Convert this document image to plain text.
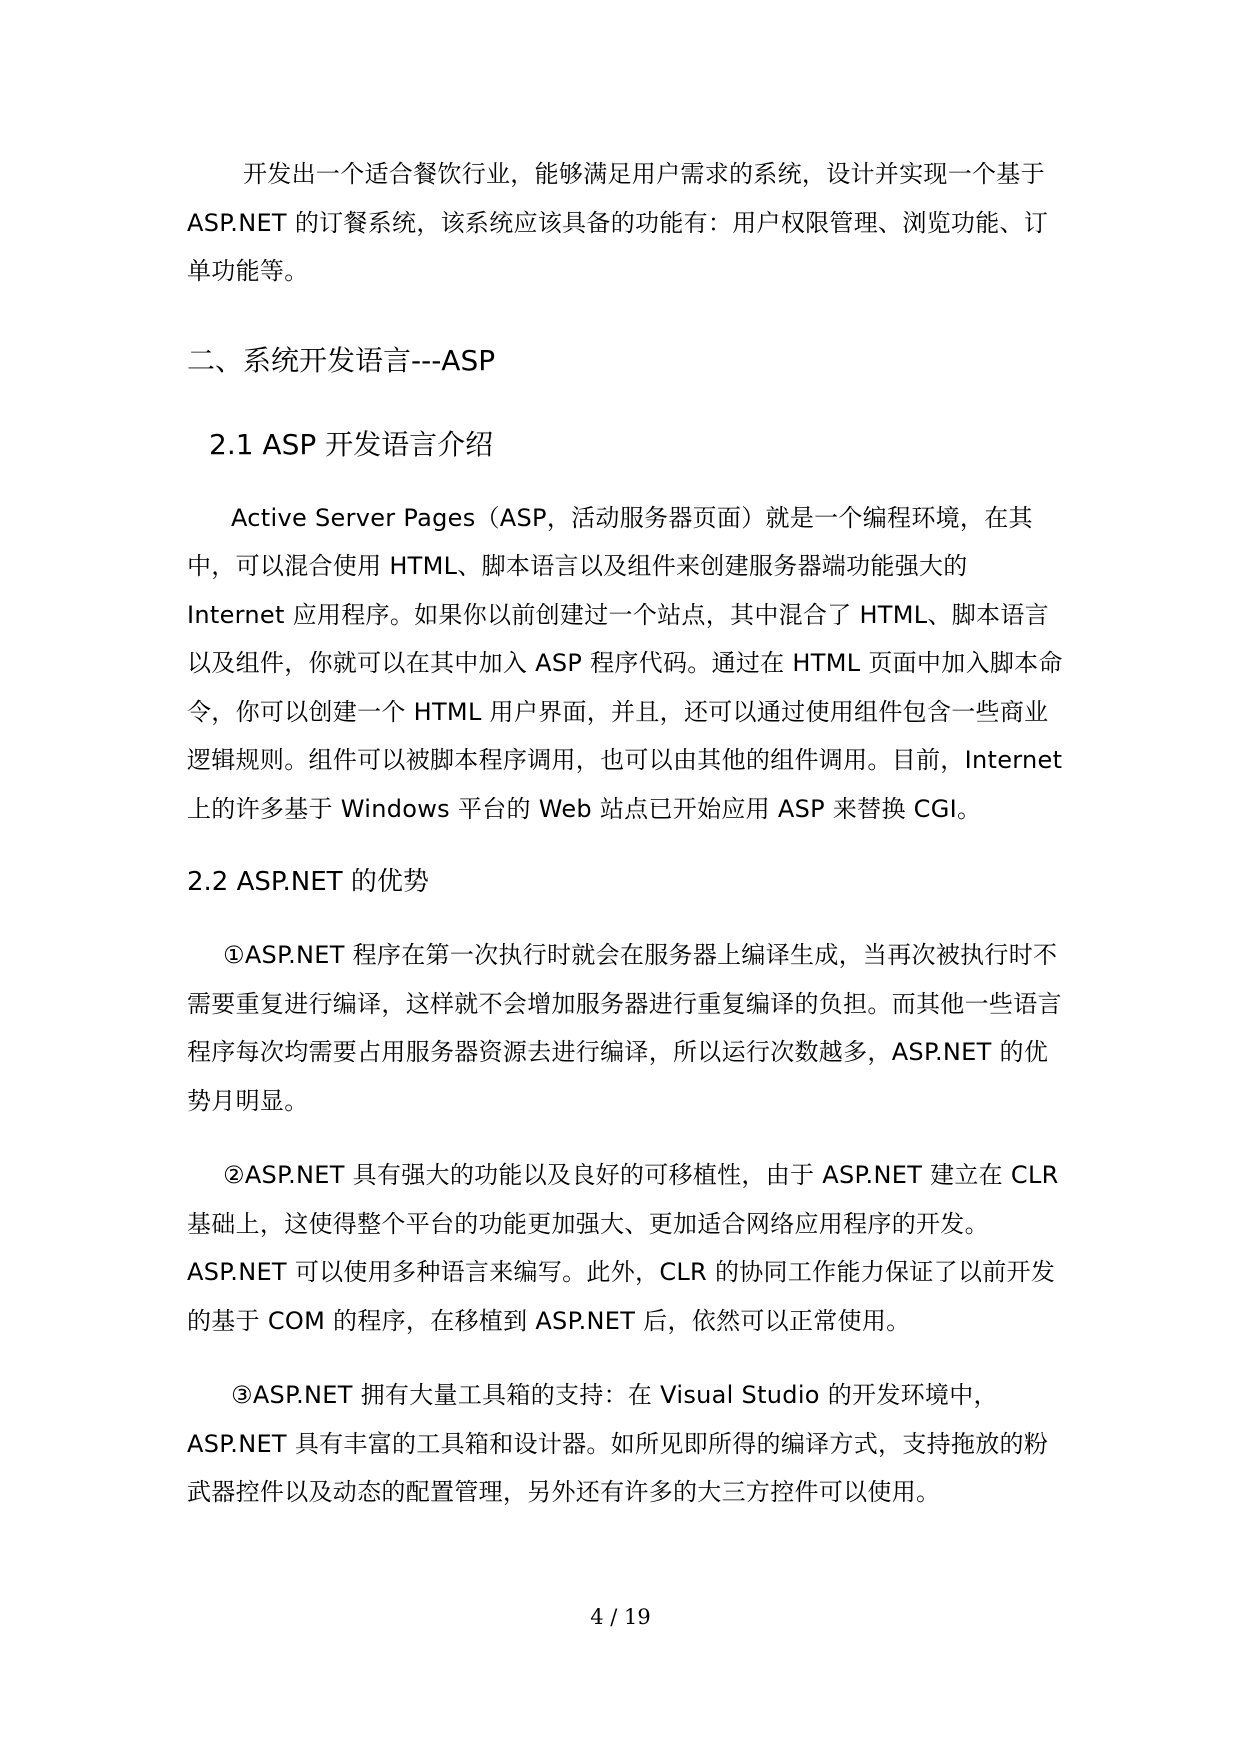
开发出一个适合餐饮行业，能够满足用户需求的系统，设计并实现一个基于 ASP.NET 的订餐系统，该系统应该具备的功能有：用户权限管理、浏览功能、订单功能等。

二、系统开发语言---ASP
2.1 ASP 开发语言介绍

Active Server Pages（ASP，活动服务器页面）就是一个编程环境，在其中，可以混合使用 HTML、脚本语言以及组件来创建服务器端功能强大的 Internet 应用程序。如果你以前创建过一个站点，其中混合了 HTML、脚本语言以及组件，你就可以在其中加入 ASP 程序代码。通过在 HTML 页面中加入脚本命令，你可以创建一个 HTML 用户界面，并且，还可以通过使用组件包含一些商业逻辑规则。组件可以被脚本程序调用，也可以由其他的组件调用。目前，Internet 上的许多基于 Windows 平台的 Web 站点已开始应用 ASP 来替换 CGI。

2.2 ASP.NET 的优势

①ASP.NET 程序在第一次执行时就会在服务器上编译生成，当再次被执行时不需要重复进行编译，这样就不会增加服务器进行重复编译的负担。而其他一些语言程序每次均需要占用服务器资源去进行编译，所以运行次数越多，ASP.NET 的优势月明显。

②ASP.NET 具有强大的功能以及良好的可移植性，由于 ASP.NET 建立在 CLR 基础上，这使得整个平台的功能更加强大、更加适合网络应用程序的开发。ASP.NET 可以使用多种语言来编写。此外，CLR 的协同工作能力保证了以前开发的基于 COM 的程序，在移植到 ASP.NET 后，依然可以正常使用。

③ASP.NET 拥有大量工具箱的支持：在 Visual Studio 的开发环境中，ASP.NET 具有丰富的工具箱和设计器。如所见即所得的编译方式，支持拖放的粉武器控件以及动态的配置管理，另外还有许多的大三方控件可以使用。

4 / 19
